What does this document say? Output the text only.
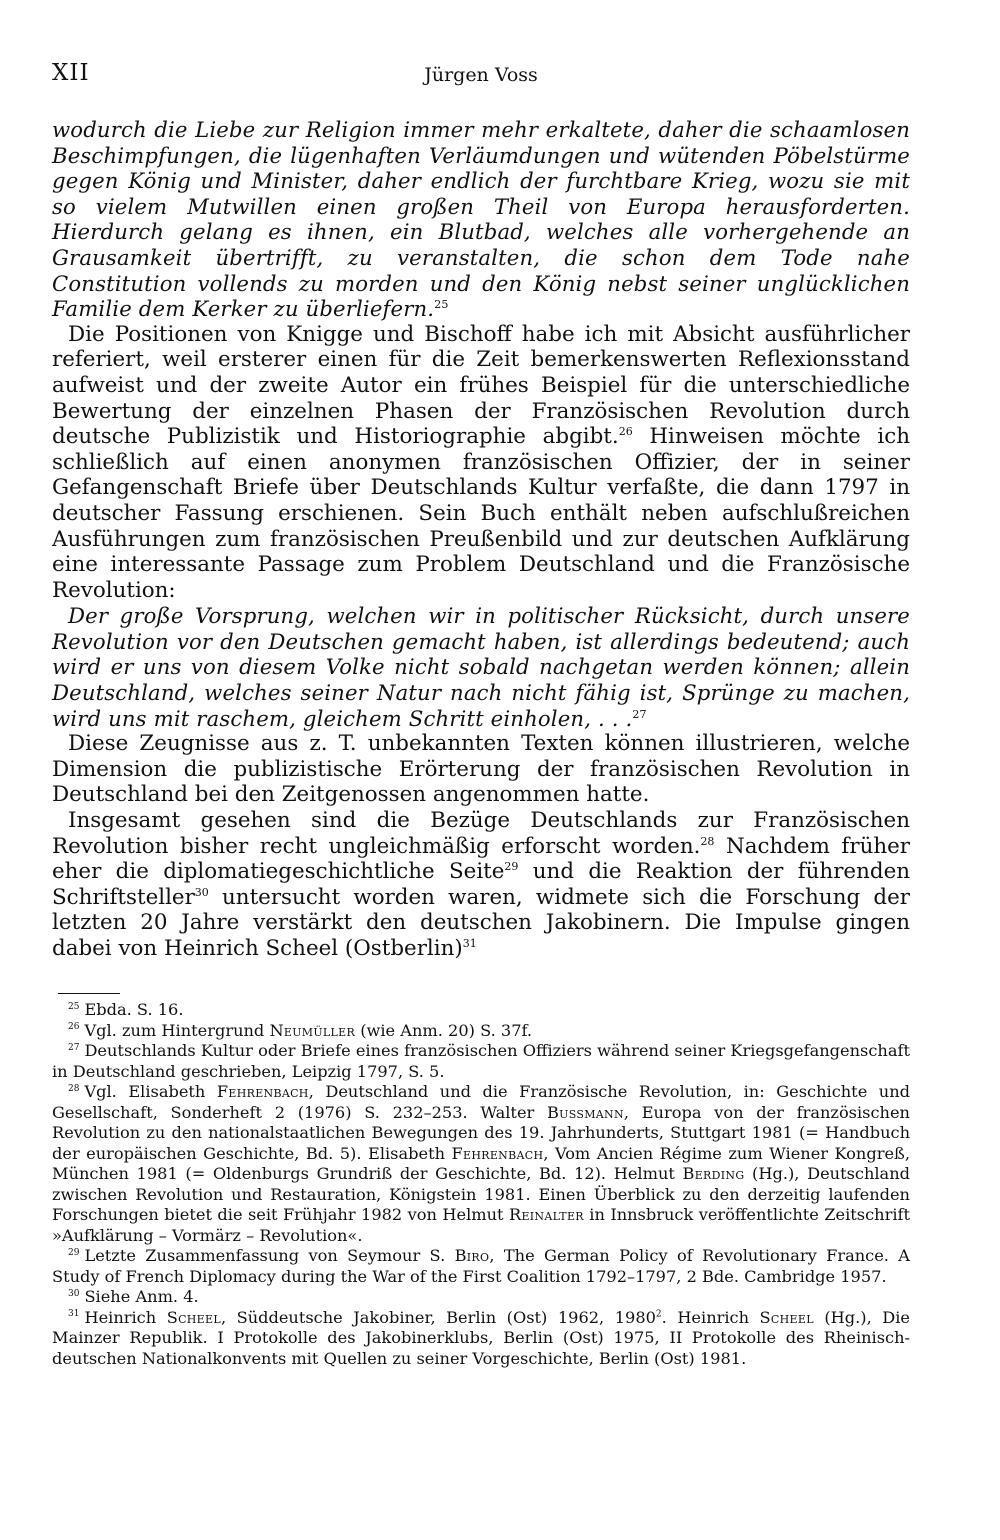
XII	Jürgen Voss

wodurch die Liebe zur Religion immer mehr erkaltete, daher die schaamlosen Beschimpfungen, die lügenhaften Verläumdungen und wütenden Pöbelstürme gegen König und Minister, daher endlich der furchtbare Krieg, wozu sie mit so vielem Mutwillen einen großen Theil von Europa herausforderten. Hierdurch gelang es ihnen, ein Blutbad, welches alle vorhergehende an Grausamkeit übertrifft, zu veranstalten, die schon dem Tode nahe Constitution vollends zu morden und den König nebst seiner unglücklichen Familie dem Kerker zu überliefern.$^{25}$

Die Positionen von Knigge und Bischoff habe ich mit Absicht ausführlicher referiert, weil ersterer einen für die Zeit bemerkenswerten Reflexionsstand aufweist und der zweite Autor ein frühes Beispiel für die unterschiedliche Bewertung der einzelnen Phasen der Französischen Revolution durch deutsche Publizistik und Historiographie abgibt.$^{26}$ Hinweisen möchte ich schließlich auf einen anonymen französischen Offizier, der in seiner Gefangenschaft Briefe über Deutschlands Kultur verfaßte, die dann 1797 in deutscher Fassung erschienen. Sein Buch enthält neben aufschlußreichen Ausführungen zum französischen Preußenbild und zur deutschen Aufklärung eine interessante Passage zum Problem Deutschland und die Französische Revolution:

Der große Vorsprung, welchen wir in politischer Rücksicht, durch unsere Revolution vor den Deutschen gemacht haben, ist allerdings bedeutend; auch wird er uns von diesem Volke nicht sobald nachgetan werden können; allein Deutschland, welches seiner Natur nach nicht fähig ist, Sprünge zu machen, wird uns mit raschem, gleichem Schritt einholen, . . .$^{27}$

Diese Zeugnisse aus z. T. unbekannten Texten können illustrieren, welche Dimension die publizistische Erörterung der französischen Revolution in Deutschland bei den Zeitgenossen angenommen hatte.

Insgesamt gesehen sind die Bezüge Deutschlands zur Französischen Revolution bisher recht ungleichmäßig erforscht worden.$^{28}$ Nachdem früher eher die diplomatiegeschichtliche Seite$^{29}$ und die Reaktion der führenden Schriftsteller$^{30}$ untersucht worden waren, widmete sich die Forschung der letzten 20 Jahre verstärkt den deutschen Jakobinern. Die Impulse gingen dabei von Heinrich Scheel (Ostberlin)$^{31}$

$^{25}$ Ebda. S. 16.

$^{26}$ Vgl. zum Hintergrund Neumüller (wie Anm. 20) S. 37f.

$^{27}$ Deutschlands Kultur oder Briefe eines französischen Offiziers während seiner Kriegsgefangenschaft in Deutschland geschrieben, Leipzig 1797, S. 5.

$^{28}$ Vgl. Elisabeth Fehrenbach, Deutschland und die Französische Revolution, in: Geschichte und Gesellschaft, Sonderheft 2 (1976) S. 232–253. Walter Bussmann, Europa von der französischen Revolution zu den nationalstaatlichen Bewegungen des 19. Jahrhunderts, Stuttgart 1981 (= Handbuch der europäischen Geschichte, Bd. 5). Elisabeth Fehrenbach, Vom Ancien Régime zum Wiener Kongreß, München 1981 (= Oldenburgs Grundriß der Geschichte, Bd. 12). Helmut Berding (Hg.), Deutschland zwischen Revolution und Restauration, Königstein 1981. Einen Überblick zu den derzeitig laufenden Forschungen bietet die seit Frühjahr 1982 von Helmut Reinalter in Innsbruck veröffentlichte Zeitschrift »Aufklärung – Vormärz – Revolution«.

$^{29}$ Letzte Zusammenfassung von Seymour S. Biro, The German Policy of Revolutionary France. A Study of French Diplomacy during the War of the First Coalition 1792–1797, 2 Bde. Cambridge 1957.

$^{30}$ Siehe Anm. 4.

$^{31}$ Heinrich Scheel, Süddeutsche Jakobiner, Berlin (Ost) 1962, 1980$^2$. Heinrich Scheel (Hg.), Die Mainzer Republik. I Protokolle des Jakobinerklubs, Berlin (Ost) 1975, II Protokolle des Rheinisch-deutschen Nationalkonvents mit Quellen zu seiner Vorgeschichte, Berlin (Ost) 1981.
